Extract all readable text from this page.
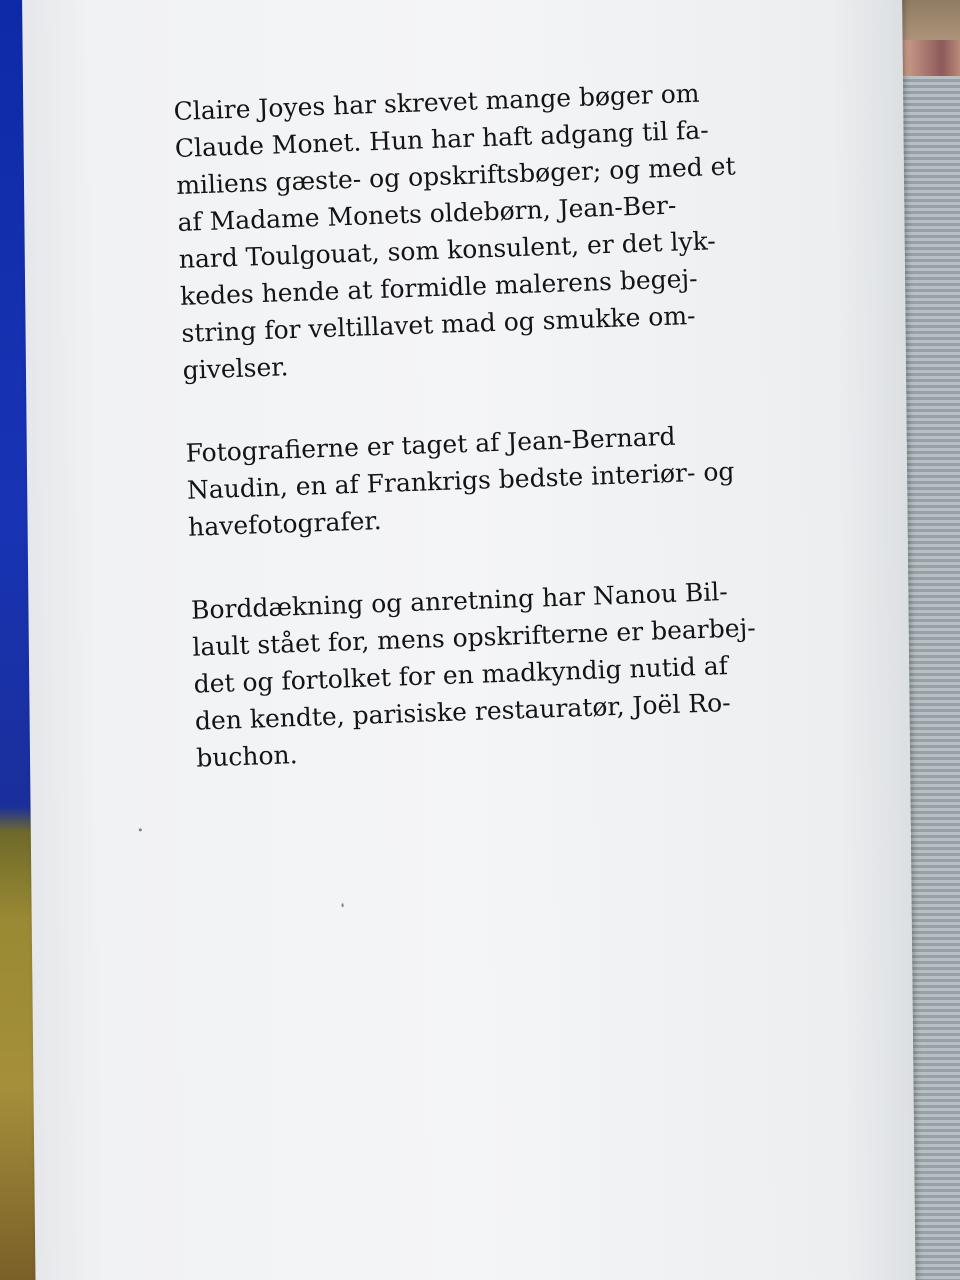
Claire Joyes har skrevet mange bøger om
Claude Monet. Hun har haft adgang til fa-
miliens gæste- og opskriftsbøger; og med et
af Madame Monets oldebørn, Jean-Ber-
nard Toulgouat, som konsulent, er det lyk-
kedes hende at formidle malerens begej-
string for veltillavet mad og smukke om-
givelser.

Fotografierne er taget af Jean-Bernard
Naudin, en af Frankrigs bedste interiør- og
havefotografer.

Borddækning og anretning har Nanou Bil-
lault stået for, mens opskrifterne er bearbej-
det og fortolket for en madkyndig nutid af
den kendte, parisiske restauratør, Joël Ro-
buchon.
